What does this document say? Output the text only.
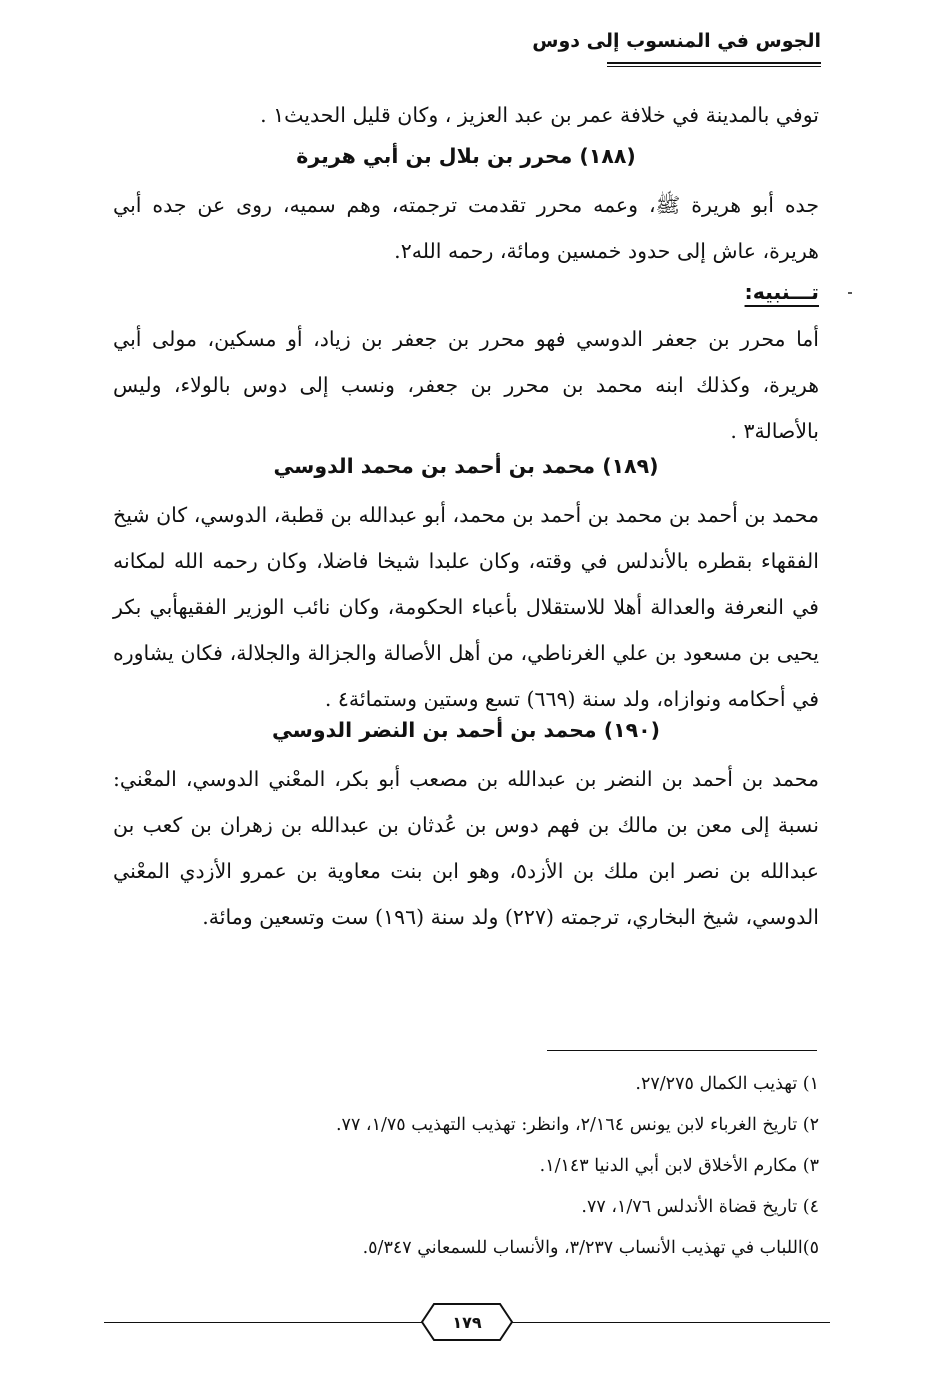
الجوس في المنسوب إلى دوس
توفي بالمدينة في خلافة عمر بن عبد العزيز ، وكان قليل الحديث١ .
(١٨٨) محرر بن بلال بن أبي هريرة
جده أبو هريرة ﷺ، وعمه محرر تقدمت ترجمته، وهم سميه، روى عن جده أبي هريرة، عاش إلى حدود خمسين ومائة، رحمه الله٢.
تـــنبيه:
أما محرر بن جعفر الدوسي فهو محرر بن جعفر بن زياد، أو مسكين، مولى أبي هريرة، وكذلك ابنه محمد بن محرر بن جعفر، ونسب إلى دوس بالولاء، وليس بالأصالة٣ .
(١٨٩) محمد بن أحمد بن محمد الدوسي
محمد بن أحمد بن محمد بن أحمد بن محمد، أبو عبدالله بن قطبة، الدوسي، كان شيخ الفقهاء بقطره بالأندلس في وقته، وكان علبدا شيخا فاضلا، وكان رحمه الله لمكانه في النعرفة والعدالة أهلا للاستقلال بأعباء الحكومة، وكان نائب الوزير الفقيهأبي بكر يحيى بن مسعود بن علي الغرناطي، من أهل الأصالة والجزالة والجلالة، فكان يشاوره في أحكامه ونوازاه، ولد سنة (٦٦٩) تسع وستين وستمائة٤ .
(١٩٠) محمد بن أحمد بن النضر الدوسي
محمد بن أحمد بن النضر بن عبدالله بن مصعب أبو بكر، المعْني الدوسي، المعْني: نسبة إلى معن بن مالك بن فهم دوس بن عُدثان بن عبدالله بن زهران بن كعب بن عبدالله بن نصر ابن ملك بن الأزد٥، وهو ابن بنت معاوية بن عمرو الأزدي المعْني الدوسي، شيخ البخاري، ترجمته (٢٢٧) ولد سنة (١٩٦) ست وتسعين ومائة.
١) تهذيب الكمال ٢٧/٢٧٥.
٢) تاريخ الغرباء لابن يونس ٢/١٦٤، وانظر: تهذيب التهذيب ١/٧٥، ٧٧.
٣) مكارم الأخلاق لابن أبي الدنيا ١/١٤٣.
٤) تاريخ قضاة الأندلس ١/٧٦، ٧٧.
٥)اللباب في تهذيب الأنساب ٣/٢٣٧، والأنساب للسمعاني ٥/٣٤٧.
١٧٩
